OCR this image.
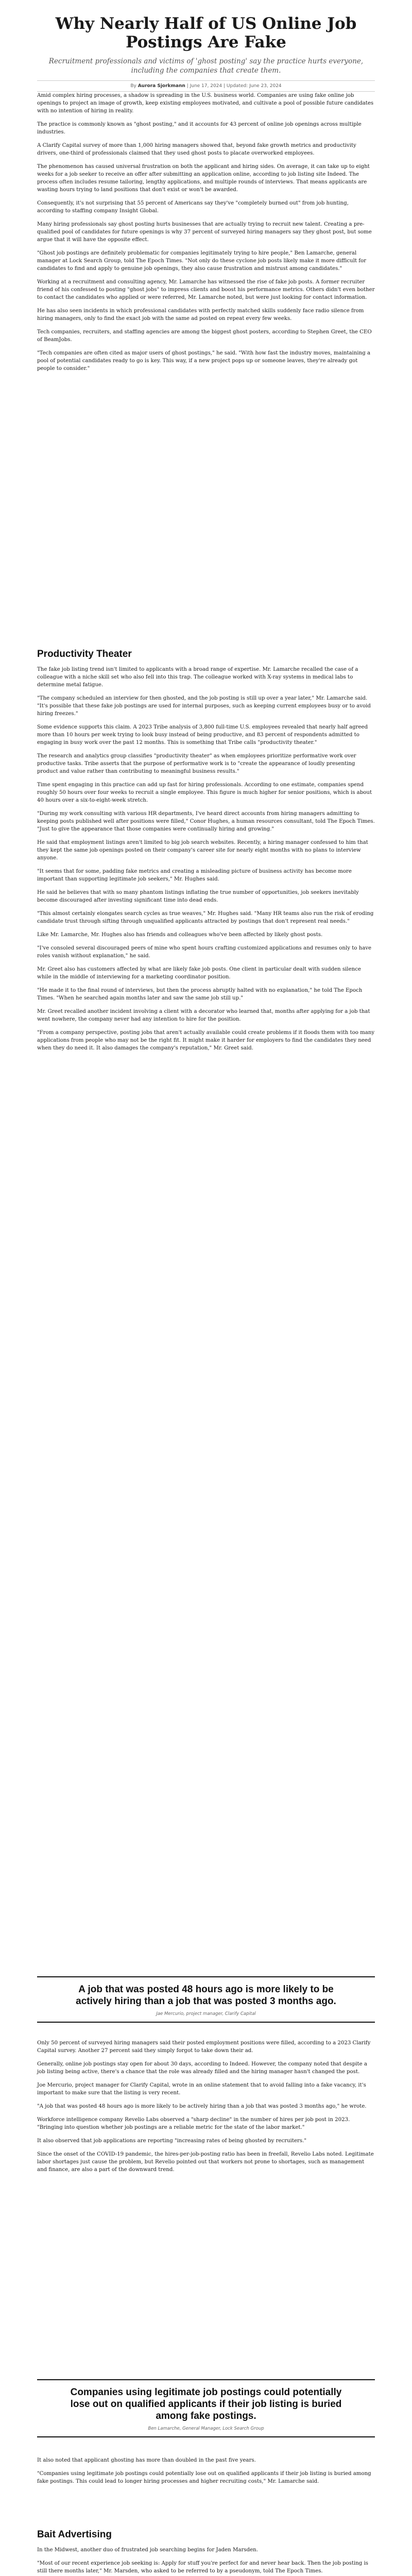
Why Nearly Half of US Online Job Postings Are Fake

Recruitment professionals and victims of 'ghost posting' say the practice hurts everyone, including the companies that create them.

By Aurora Sjorkmann | June 17, 2024 | Updated: June 23, 2024

Amid complex hiring processes, a shadow is spreading in the U.S. business world. Companies are using fake online job openings to project an image of growth, keep existing employees motivated, and cultivate a pool of possible future candidates with no intention of hiring in reality.

The practice is commonly known as "ghost posting," and it accounts for 43 percent of online job openings across multiple industries.

A Clarify Capital survey of more than 1,000 hiring managers showed that, beyond fake growth metrics and productivity drivers, one-third of professionals claimed that they used ghost posts to placate overworked employees.

The phenomenon has caused universal frustration on both the applicant and hiring sides. On average, it can take up to eight weeks for a job seeker to receive an offer after submitting an application online, according to job listing site Indeed. The process often includes resume tailoring, lengthy applications, and multiple rounds of interviews. That means applicants are wasting hours trying to land positions that don't exist or won't be awarded.

Consequently, it's not surprising that 55 percent of Americans say they've "completely burned out" from job hunting, according to staffing company Insight Global.

Many hiring professionals say ghost posting hurts businesses that are actually trying to recruit new talent. Creating a pre-qualified pool of candidates for future openings is why 37 percent of surveyed hiring managers say they ghost post, but some argue that it will have the opposite effect.

"Ghost job postings are definitely problematic for companies legitimately trying to hire people," Ben Lamarche, general manager at Lock Search Group, told The Epoch Times. "Not only do these cyclone job posts likely make it more difficult for candidates to find and apply to genuine job openings, they also cause frustration and mistrust among candidates."

Working at a recruitment and consulting agency, Mr. Lamarche has witnessed the rise of fake job posts. A former recruiter friend of his confessed to posting "ghost jobs" to impress clients and boost his performance metrics. Others didn't even bother to contact the candidates who applied or were referred, Mr. Lamarche noted, but were just looking for contact information.

He has also seen incidents in which professional candidates with perfectly matched skills suddenly face radio silence from hiring managers, only to find the exact job with the same ad posted on repeat every few weeks.

Tech companies, recruiters, and staffing agencies are among the biggest ghost posters, according to Stephen Greet, the CEO of BeamJobs.

"Tech companies are often cited as major users of ghost postings," he said. "With how fast the industry moves, maintaining a pool of potential candidates ready to go is key. This way, if a new project pops up or someone leaves, they're already got people to consider."

Productivity Theater

The fake job listing trend isn't limited to applicants with a broad range of expertise. Mr. Lamarche recalled the case of a colleague with a niche skill set who also fell into this trap. The colleague worked with X-ray systems in medical labs to determine metal fatigue.

"The company scheduled an interview for then ghosted, and the job posting is still up over a year later," Mr. Lamarche said. "It's possible that these fake job postings are used for internal purposes, such as keeping current employees busy or to avoid hiring freezes."

Some evidence supports this claim. A 2023 Tribe analysis of 3,800 full-time U.S. employees revealed that nearly half agreed more than 10 hours per week trying to look busy instead of being productive, and 83 percent of respondents admitted to engaging in busy work over the past 12 months. This is something that Tribe calls "productivity theater."

The research and analytics group classifies "productivity theater" as when employees prioritize performative work over productive tasks. Tribe asserts that the purpose of performative work is to "create the appearance of loudly presenting product and value rather than contributing to meaningful business results."

Time spent engaging in this practice can add up fast for hiring professionals. According to one estimate, companies spend roughly 50 hours over four weeks to recruit a single employee. This figure is much higher for senior positions, which is about 40 hours over a six-to-eight-week stretch.

"During my work consulting with various HR departments, I've heard direct accounts from hiring managers admitting to keeping posts published well after positions were filled," Conor Hughes, a human resources consultant, told The Epoch Times. "Just to give the appearance that those companies were continually hiring and growing."

He said that employment listings aren't limited to big job search websites. Recently, a hiring manager confessed to him that they kept the same job openings posted on their company's career site for nearly eight months with no plans to interview anyone.

"It seems that for some, padding fake metrics and creating a misleading picture of business activity has become more important than supporting legitimate job seekers," Mr. Hughes said.

He said he believes that with so many phantom listings inflating the true number of opportunities, job seekers inevitably become discouraged after investing significant time into dead ends.

"This almost certainly elongates search cycles as true weaves," Mr. Hughes said. "Many HR teams also run the risk of eroding candidate trust through sifting through unqualified applicants attracted by postings that don't represent real needs."

Like Mr. Lamarche, Mr. Hughes also has friends and colleagues who've been affected by likely ghost posts.

"I've consoled several discouraged peers of mine who spent hours crafting customized applications and resumes only to have roles vanish without explanation," he said.

Mr. Greet also has customers affected by what are likely fake job posts. One client in particular dealt with sudden silence while in the middle of interviewing for a marketing coordinator position.

"He made it to the final round of interviews, but then the process abruptly halted with no explanation," he told The Epoch Times. "When he searched again months later and saw the same job still up."

Mr. Greet recalled another incident involving a client with a decorator who learned that, months after applying for a job that went nowhere, the company never had any intention to hire for the position.

"From a company perspective, posting jobs that aren't actually available could create problems if it floods them with too many applications from people who may not be the right fit. It might make it harder for employers to find the candidates they need when they do need it. It also damages the company's reputation," Mr. Greet said.

A job that was posted 48 hours ago is more likely to be actively hiring than a job that was posted 3 months ago.
Jae Mercurio, project manager, Clarify Capital

Only 50 percent of surveyed hiring managers said their posted employment positions were filled, according to a 2023 Clarify Capital survey. Another 27 percent said they simply forgot to take down their ad.

Generally, online job postings stay open for about 30 days, according to Indeed. However, the company noted that despite a job listing being active, there's a chance that the role was already filled and the hiring manager hasn't changed the post.

Joe Mercurio, project manager for Clarify Capital, wrote in an online statement that to avoid falling into a fake vacancy, it's important to make sure that the listing is very recent.

"A job that was posted 48 hours ago is more likely to be actively hiring than a job that was posted 3 months ago," he wrote.

Workforce intelligence company Revelio Labs observed a "sharp decline" in the number of hires per job post in 2023. "Bringing into question whether job postings are a reliable metric for the state of the labor market."

It also observed that job applications are reporting "increasing rates of being ghosted by recruiters."

Since the onset of the COVID-19 pandemic, the hires-per-job-posting ratio has been in freefall, Revelio Labs noted. Legitimate labor shortages just cause the problem, but Revelio pointed out that workers not prone to shortages, such as management and finance, are also a part of the downward trend.

Companies using legitimate job postings could potentially lose out on qualified applicants if their job listing is buried among fake postings.
Ben Lamarche, General Manager, Lock Search Group

It also noted that applicant ghosting has more than doubled in the past five years.

"Companies using legitimate job postings could potentially lose out on qualified applicants if their job listing is buried among fake postings. This could lead to longer hiring processes and higher recruiting costs," Mr. Lamarche said.

Bait Advertising

In the Midwest, another duo of frustrated job searching begins for Jaden Marsden.

"Most of our recent experience job seeking is: Apply for stuff you're perfect for and never hear back. Then the job posting is still there months later," Mr. Marsden, who asked to be referred to by a pseudonym, told The Epoch Times.
